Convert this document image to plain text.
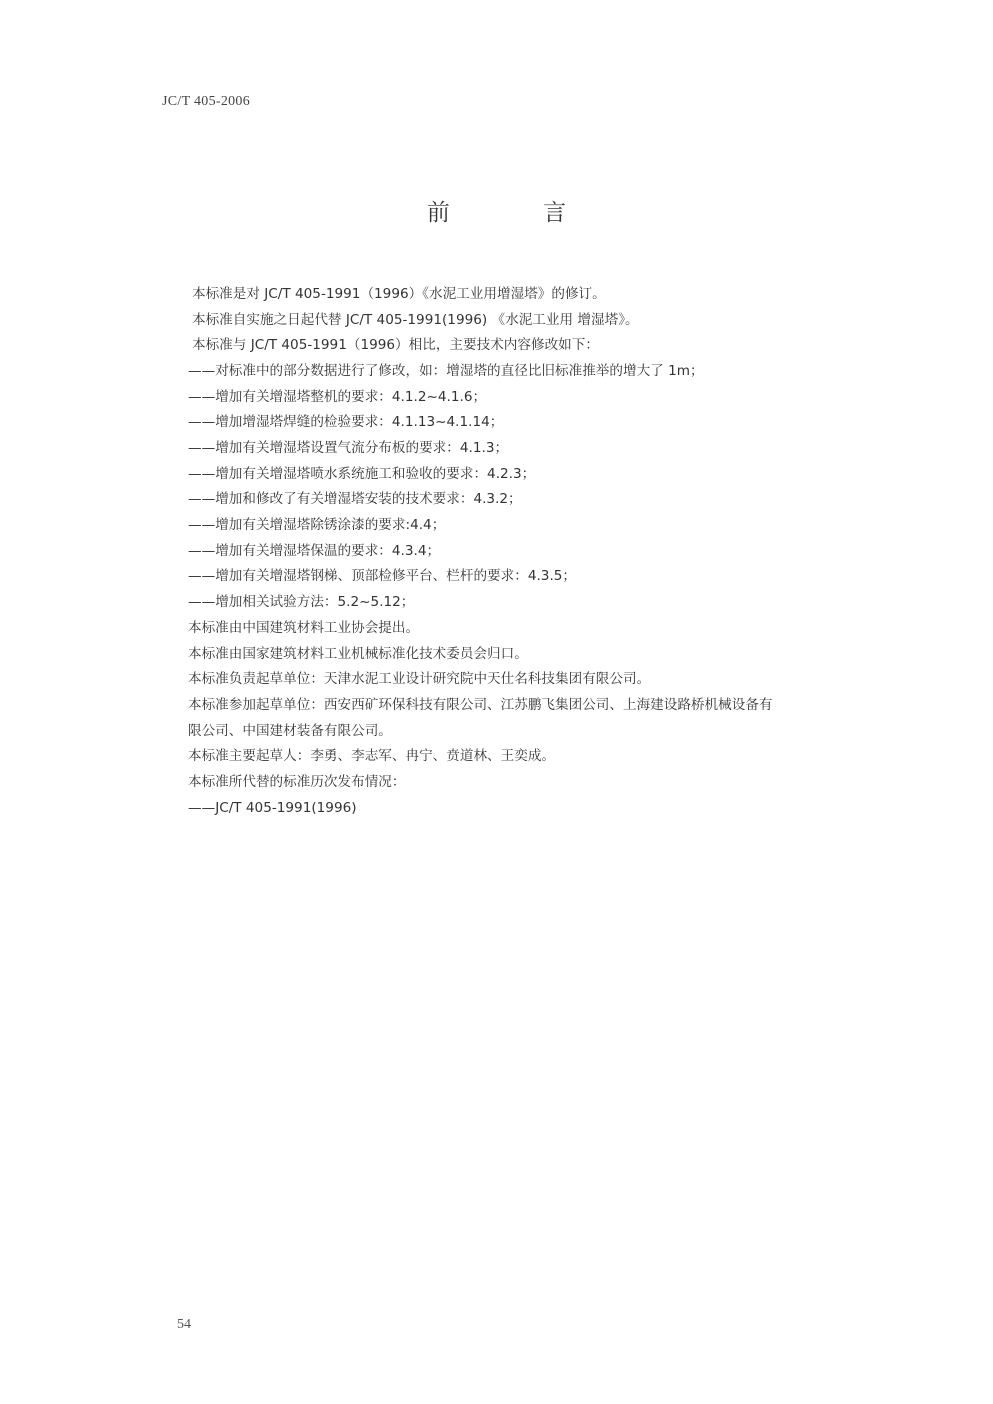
JC/T 405-2006
前 言
本标准是对 JC/T 405-1991（1996）《水泥工业用增湿塔》的修订。
本标准自实施之日起代替 JC/T 405-1991(1996) 《水泥工业用 增湿塔》。
本标准与 JC/T 405-1991（1996）相比，主要技术内容修改如下：
——对标准中的部分数据进行了修改，如：增湿塔的直径比旧标准推举的增大了 1m；
——增加有关增湿塔整机的要求：4.1.2~4.1.6；
——增加增湿塔焊缝的检验要求：4.1.13~4.1.14；
——增加有关增湿塔设置气流分布板的要求：4.1.3；
——增加有关增湿塔喷水系统施工和验收的要求：4.2.3；
——增加和修改了有关增湿塔安装的技术要求：4.3.2；
——增加有关增湿塔除锈涂漆的要求:4.4；
——增加有关增湿塔保温的要求：4.3.4；
——增加有关增湿塔钢梯、顶部检修平台、栏杆的要求：4.3.5；
——增加相关试验方法：5.2~5.12；
本标准由中国建筑材料工业协会提出。
本标准由国家建筑材料工业机械标准化技术委员会归口。
本标准负责起草单位：天津水泥工业设计研究院中天仕名科技集团有限公司。
本标准参加起草单位：西安西矿环保科技有限公司、江苏鹏飞集团公司、上海建设路桥机械设备有
限公司、中国建材装备有限公司。
本标准主要起草人：李勇、李志军、冉宁、贲道林、王奕成。
本标准所代替的标准历次发布情况：
——JC/T 405-1991(1996)
54
